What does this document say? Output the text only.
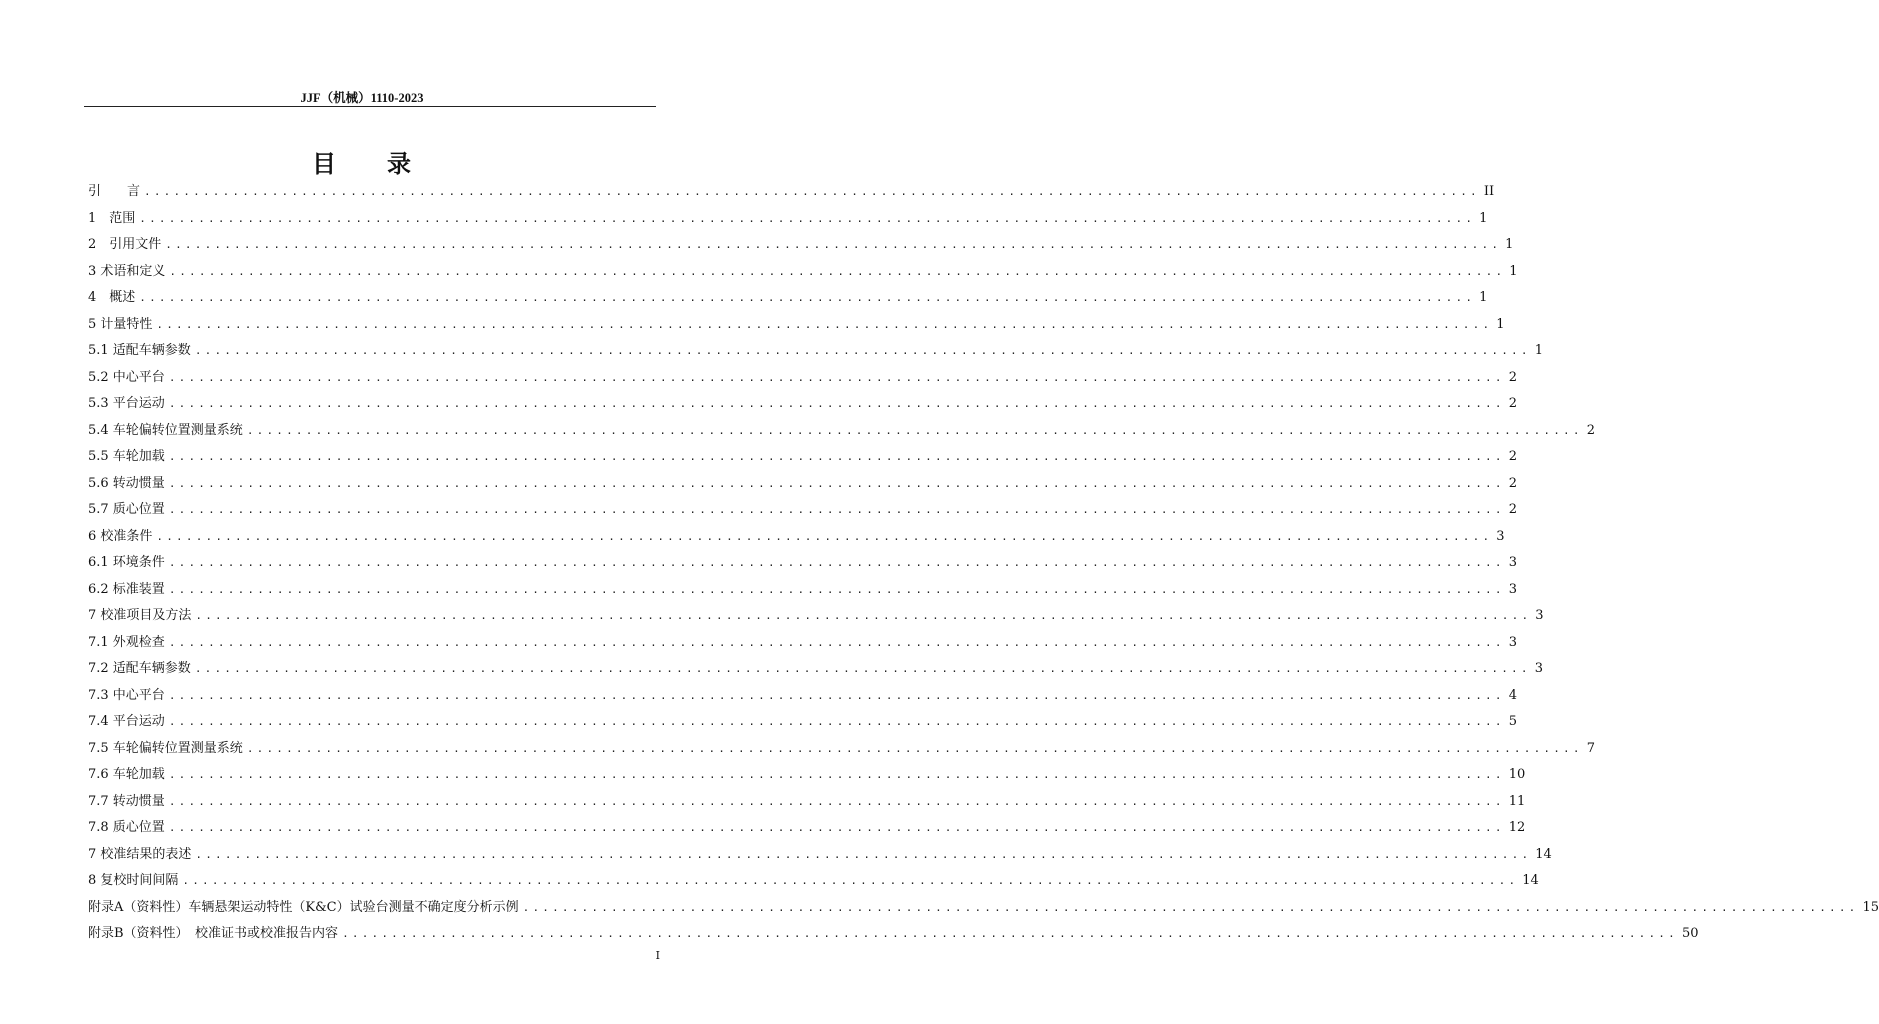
JJF（机械）1110-2023
目　　录
引　　言 ........................................................................................................................................ II
1　范围 ........................................................................................................................................ 1
2　引用文件 ........................................................................................................................................ 1
3 术语和定义 ........................................................................................................................................ 1
4　概述 ........................................................................................................................................ 1
5 计量特性 ........................................................................................................................................ 1
5.1 适配车辆参数 ........................................................................................................................................ 1
5.2 中心平台 ........................................................................................................................................ 2
5.3 平台运动 ........................................................................................................................................ 2
5.4 车轮偏转位置测量系统 ........................................................................................................................................ 2
5.5 车轮加载 ........................................................................................................................................ 2
5.6 转动惯量 ........................................................................................................................................ 2
5.7 质心位置 ........................................................................................................................................ 2
6 校准条件 ........................................................................................................................................ 3
6.1 环境条件 ........................................................................................................................................ 3
6.2 标准装置 ........................................................................................................................................ 3
7 校准项目及方法 ........................................................................................................................................ 3
7.1 外观检查 ........................................................................................................................................ 3
7.2 适配车辆参数 ........................................................................................................................................ 3
7.3 中心平台 ........................................................................................................................................ 4
7.4 平台运动 ........................................................................................................................................ 5
7.5 车轮偏转位置测量系统 ........................................................................................................................................ 7
7.6 车轮加载 ........................................................................................................................................ 10
7.7 转动惯量 ........................................................................................................................................ 11
7.8 质心位置 ........................................................................................................................................ 12
7 校准结果的表述 ........................................................................................................................................ 14
8 复校时间间隔 ........................................................................................................................................ 14
附录A（资料性）车辆悬架运动特性（K&C）试验台测量不确定度分析示例 ........................................................................................................................................ 15
附录B（资料性）　校准证书或校准报告内容 ........................................................................................................................................ 50
I
